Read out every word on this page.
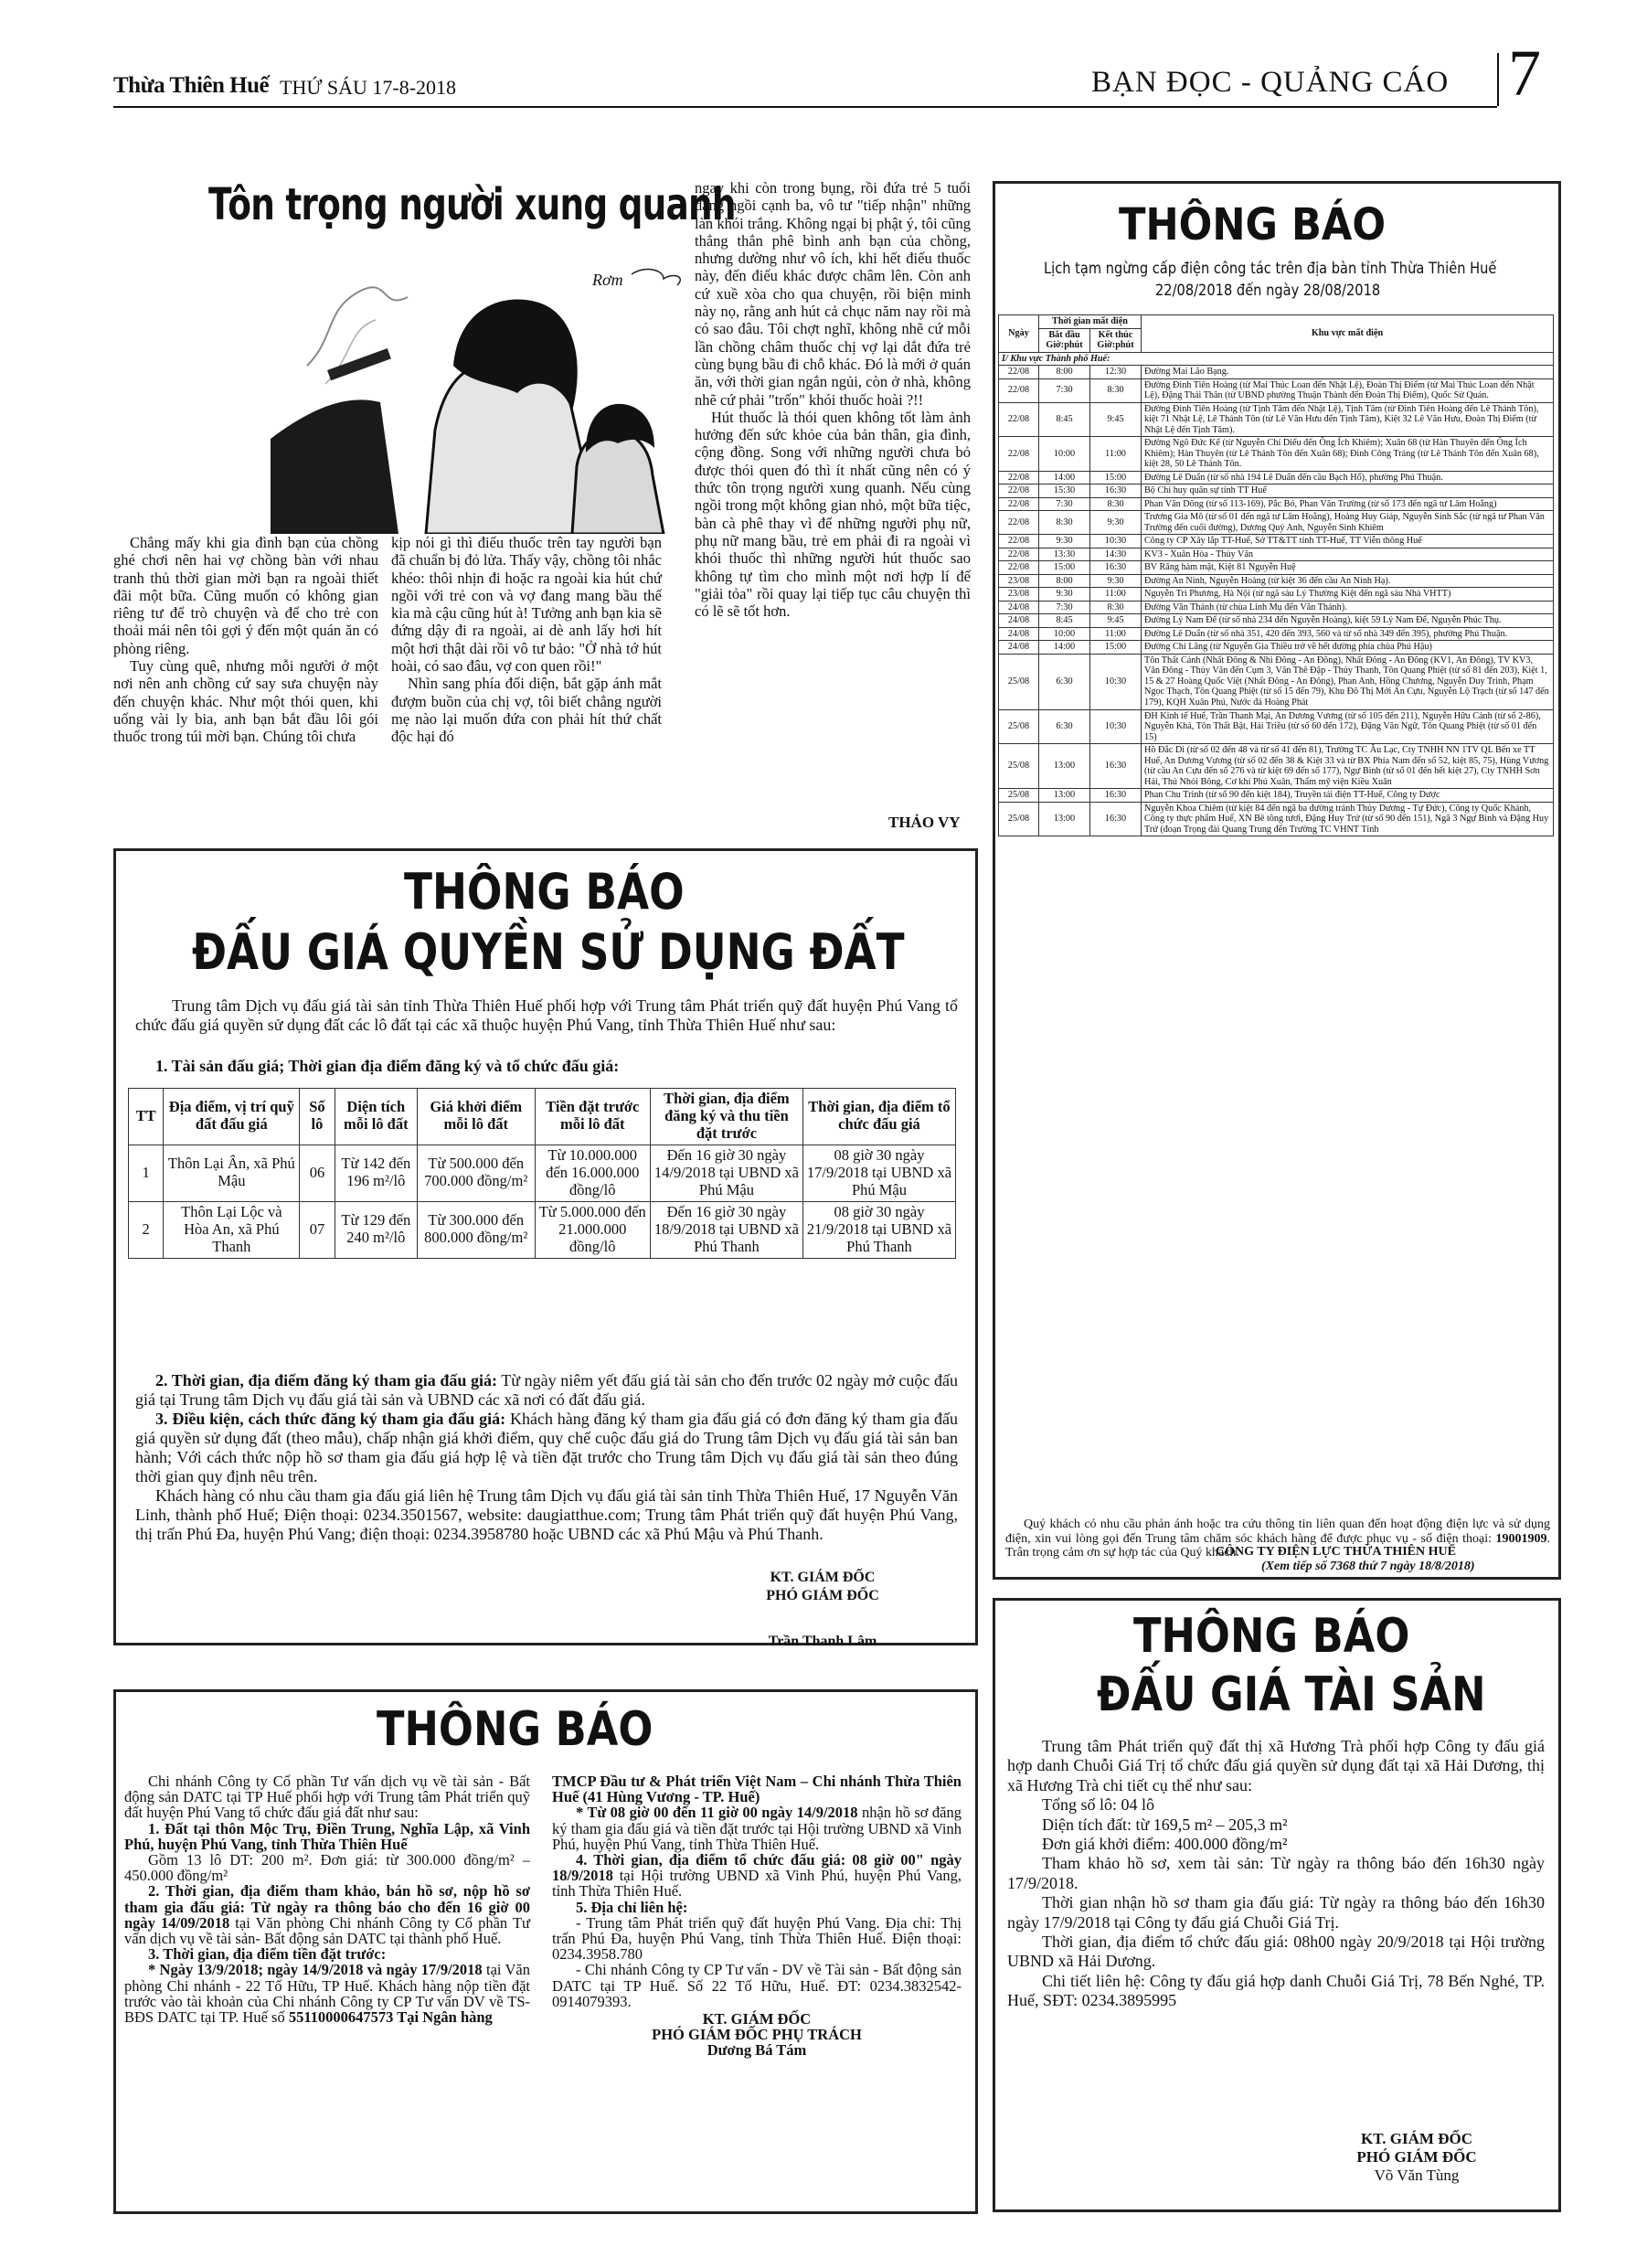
Thừa Thiên Huế THỨ SÁU 17-8-2018	BẠN ĐỌC - QUẢNG CÁO 7
Tôn trọng người xung quanh
Rơm

Chẳng mấy khi gia đình bạn của chồng ghé chơi nên hai vợ chồng bàn với nhau tranh thủ thời gian mời bạn ra ngoài thiết đãi một bữa. Cũng muốn có không gian riêng tư để trò chuyện và để cho trẻ con thoải mái nên tôi gợi ý đến một quán ăn có phòng riêng.

Tuy cùng quê, nhưng mỗi người ở một nơi nên anh chồng cứ say sưa chuyện này đến chuyện khác. Như một thói quen, khi uống vài ly bia, anh bạn bắt đầu lôi gói thuốc trong túi mời bạn. Chúng tôi chưa

kịp nói gì thì điếu thuốc trên tay người bạn đã chuẩn bị đỏ lửa. Thấy vậy, chồng tôi nhắc khéo: thôi nhịn đi hoặc ra ngoài kia hút chứ ngồi với trẻ con và vợ đang mang bầu thế kia mà cậu cũng hút à! Tưởng anh bạn kia sẽ đứng dậy đi ra ngoài, ai dè anh lấy hơi hít một hơi thật dài rồi vô tư bảo: "Ở nhà tớ hút hoài, có sao đâu, vợ con quen rồi!"

Nhìn sang phía đối diện, bắt gặp ánh mắt đượm buồn của chị vợ, tôi biết chẳng người mẹ nào lại muốn đứa con phải hít thứ chất độc hại đó

ngay khi còn trong bụng, rồi đứa trẻ 5 tuổi đang ngồi cạnh ba, vô tư "tiếp nhận" những làn khói trắng. Không ngại bị phật ý, tôi cũng thẳng thắn phê bình anh bạn của chồng, nhưng dường như vô ích, khi hết điếu thuốc này, đến điếu khác được châm lên. Còn anh cứ xuề xòa cho qua chuyện, rồi biện minh này nọ, rằng anh hút cả chục năm nay rồi mà có sao đâu. Tôi chợt nghĩ, không nhẽ cứ mỗi lần chồng châm thuốc chị vợ lại dắt đứa trẻ cùng bụng bầu đi chỗ khác. Đó là mới ở quán ăn, với thời gian ngắn ngủi, còn ở nhà, không nhẽ cứ phải "trốn" khói thuốc hoài ?!!

Hút thuốc là thói quen không tốt làm ảnh hưởng đến sức khỏe của bản thân, gia đình, cộng đồng. Song với những người chưa bỏ được thói quen đó thì ít nhất cũng nên có ý thức tôn trọng người xung quanh. Nếu cùng ngồi trong một không gian nhỏ, một bữa tiệc, bàn cà phê thay vì để những người phụ nữ, phụ nữ mang bầu, trẻ em phải đi ra ngoài vì khói thuốc thì những người hút thuốc sao không tự tìm cho mình một nơi hợp lí để "giải tỏa" rồi quay lại tiếp tục câu chuyện thì có lẽ sẽ tốt hơn.

THẢO VY
THÔNG BÁO
ĐẤU GIÁ QUYỀN SỬ DỤNG ĐẤT
Trung tâm Dịch vụ đấu giá tài sản tỉnh Thừa Thiên Huế phối hợp với Trung tâm Phát triển quỹ đất huyện Phú Vang tổ chức đấu giá quyền sử dụng đất các lô đất tại các xã thuộc huyện Phú Vang, tỉnh Thừa Thiên Huế như sau:
1. Tài sản đấu giá; Thời gian địa điểm đăng ký và tổ chức đấu giá:
TT	Địa điểm, vị trí quỹ đất đấu giá	Số lô	Diện tích mỗi lô đất	Giá khởi điểm mỗi lô đất	Tiền đặt trước mỗi lô đất	Thời gian, địa điểm đăng ký và thu tiền đặt trước	Thời gian, địa điểm tổ chức đấu giá
1	Thôn Lại Ân, xã Phú Mậu	06	Từ 142 đến 196 m²/lô	Từ 500.000 đến 700.000 đồng/m²	Từ 10.000.000 đến 16.000.000 đồng/lô	Đến 16 giờ 30 ngày 14/9/2018 tại UBND xã Phú Mậu	08 giờ 30 ngày 17/9/2018 tại UBND xã Phú Mậu
2	Thôn Lại Lộc và Hòa An, xã Phú Thanh	07	Từ 129 đến 240 m²/lô	Từ 300.000 đến 800.000 đồng/m²	Từ 5.000.000 đến 21.000.000 đồng/lô	Đến 16 giờ 30 ngày 18/9/2018 tại UBND xã Phú Thanh	08 giờ 30 ngày 21/9/2018 tại UBND xã Phú Thanh

2. Thời gian, địa điểm đăng ký tham gia đấu giá: Từ ngày niêm yết đấu giá tài sản cho đến trước 02 ngày mở cuộc đấu giá tại Trung tâm Dịch vụ đấu giá tài sản và UBND các xã nơi có đất đấu giá.

3. Điều kiện, cách thức đăng ký tham gia đấu giá: Khách hàng đăng ký tham gia đấu giá có đơn đăng ký tham gia đấu giá quyền sử dụng đất (theo mẫu), chấp nhận giá khởi điểm, quy chế cuộc đấu giá do Trung tâm Dịch vụ đấu giá tài sản ban hành; Với cách thức nộp hồ sơ tham gia đấu giá hợp lệ và tiền đặt trước cho Trung tâm Dịch vụ đấu giá tài sản theo đúng thời gian quy định nêu trên.

Khách hàng có nhu cầu tham gia đấu giá liên hệ Trung tâm Dịch vụ đấu giá tài sản tỉnh Thừa Thiên Huế, 17 Nguyễn Văn Linh, thành phố Huế; Điện thoại: 0234.3501567, website: daugiatthue.com; Trung tâm Phát triển quỹ đất huyện Phú Vang, thị trấn Phú Đa, huyện Phú Vang; điện thoại: 0234.3958780 hoặc UBND các xã Phú Mậu và Phú Thanh.

KT. GIÁM ĐỐC

PHÓ GIÁM ĐỐC

Trần Thanh Lâm

THÔNG BÁO

Chi nhánh Công ty Cổ phần Tư vấn dịch vụ về tài sản - Bất động sản DATC tại TP Huế phối hợp với Trung tâm Phát triển quỹ đất huyện Phú Vang tổ chức đấu giá đất như sau:

1. Đất tại thôn Mộc Trụ, Điền Trung, Nghĩa Lập, xã Vinh Phú, huyện Phú Vang, tỉnh Thừa Thiên Huế

Gồm 13 lô DT: 200 m². Đơn giá: từ 300.000 đồng/m² – 450.000 đồng/m²

2. Thời gian, địa điểm tham khảo, bán hồ sơ, nộp hồ sơ tham gia đấu giá: Từ ngày ra thông báo cho đến 16 giờ 00 ngày 14/09/2018 tại Văn phòng Chi nhánh Công ty Cổ phần Tư vấn dịch vụ về tài sản- Bất động sản DATC tại thành phố Huế.

3. Thời gian, địa điểm tiền đặt trước:

* Ngày 13/9/2018; ngày 14/9/2018 và ngày 17/9/2018 tại Văn phòng Chi nhánh - 22 Tố Hữu, TP Huế. Khách hàng nộp tiền đặt trước vào tài khoản của Chi nhánh Công ty CP Tư vấn DV về TS-BĐS DATC tại TP. Huế số 55110000647573 Tại Ngân hàng

TMCP Đầu tư & Phát triển Việt Nam – Chi nhánh Thừa Thiên Huế (41 Hùng Vương - TP. Huế)

* Từ 08 giờ 00 đến 11 giờ 00 ngày 14/9/2018 nhận hồ sơ đăng ký tham gia đấu giá và tiền đặt trước tại Hội trường UBND xã Vinh Phú, huyện Phú Vang, tỉnh Thừa Thiên Huế.

4. Thời gian, địa điểm tổ chức đấu giá: 08 giờ 00" ngày 18/9/2018 tại Hội trường UBND xã Vinh Phú, huyện Phú Vang, tỉnh Thừa Thiên Huế.

5. Địa chỉ liên hệ:

- Trung tâm Phát triển quỹ đất huyện Phú Vang. Địa chỉ: Thị trấn Phú Đa, huyện Phú Vang, tỉnh Thừa Thiên Huế. Điện thoại: 0234.3958.780

- Chi nhánh Công ty CP Tư vấn - DV về Tài sản - Bất động sản DATC tại TP Huế. Số 22 Tố Hữu, Huế. ĐT: 0234.3832542- 0914079393.

KT. GIÁM ĐỐC

PHÓ GIÁM ĐỐC PHỤ TRÁCH

Dương Bá Tám

THÔNG BÁO
Lịch tạm ngừng cấp điện công tác trên địa bàn tỉnh Thừa Thiên Huế
22/08/2018 đến ngày 28/08/2018
Ngày	Thời gian mất điện		Khu vực mất điện
	Bắt đầu Giờ:phút	Kết thúc Giờ:phút	
I/ Khu vực Thành phố Huế:			
22/08	8:00	12:30	Đường Mai Lão Bạng.
22/08	7:30	8:30	Đường Đinh Tiên Hoàng (từ Mai Thúc Loan đến Nhật Lệ), Đoàn Thị Điểm (từ Mai Thúc Loan đến Nhật Lệ), Đặng Thái Thân (từ UBND phường Thuận Thành đến Đoàn Thị Điểm), Quốc Sử Quán.
22/08	8:45	9:45	Đường Đinh Tiên Hoàng (từ Tịnh Tâm đến Nhật Lệ), Tịnh Tâm (từ Đinh Tiên Hoàng đến Lê Thánh Tôn), kiệt 71 Nhật Lệ, Lê Thánh Tôn (từ Lê Văn Hưu đến Tịnh Tâm), Kiệt 32 Lê Văn Hưu, Đoàn Thị Điểm (từ Nhật Lệ đến Tịnh Tâm).
22/08	10:00	11:00	Đường Ngô Đức Kế (từ Nguyễn Chí Diểu đến Ông Ích Khiêm); Xuân 68 (từ Hàn Thuyên đến Ông Ích Khiêm); Hàn Thuyên (từ Lê Thánh Tôn đến Xuân 68); Đinh Công Tráng (từ Lê Thánh Tôn đến Xuân 68), kiệt 28, 50 Lê Thánh Tôn.
22/08	14:00	15:00	Đường Lê Duẩn (từ số nhà 194 Lê Duẩn đến cầu Bạch Hổ), phường Phú Thuận.
22/08	15:30	16:30	Bộ Chỉ huy quân sự tỉnh TT Huế
22/08	7:30	8:30	Phan Văn Dõng (từ số 113-169), Pắc Bó, Phan Văn Trường (từ số 173 đến ngã tư Lâm Hoằng)
22/08	8:30	9:30	Trương Gia Mô (từ số 01 đến ngã tư Lâm Hoằng), Hoàng Huy Giáp, Nguyễn Sinh Sắc (từ ngã tư Phan Văn Trường đến cuối đường), Dương Quý Anh, Nguyễn Sinh Khiêm
22/08	9:30	10:30	Công ty CP Xây lắp TT-Huế, Sở TT&TT tỉnh TT-Huế, TT Viễn thông Huế
22/08	13:30	14:30	KV3 - Xuân Hòa - Thủy Vân
22/08	15:00	16:30	BV Răng hàm mặt, Kiệt 81 Nguyễn Huệ
23/08	8:00	9:30	Đường An Ninh, Nguyễn Hoàng (từ kiệt 36 đến cầu An Ninh Hạ).
23/08	9:30	11:00	Nguyễn Tri Phương, Hà Nội (từ ngã sáu Lý Thường Kiệt đến ngã sáu Nhà VHTT)
24/08	7:30	8:30	Đường Văn Thánh (từ chùa Linh Mụ đến Văn Thánh).
24/08	8:45	9:45	Đường Lý Nam Đế (từ số nhà 234 đến Nguyễn Hoàng), kiệt 59 Lý Nam Đế, Nguyễn Phúc Thụ.
24/08	10:00	11:00	Đường Lê Duẩn (từ số nhà 351, 420 đến 393, 560 và từ số nhà 349 đến 395), phường Phú Thuận.
24/08	14:00	15:00	Đường Chi Lăng (từ Nguyễn Gia Thiều trở về hết đường phía chùa Phú Hậu)
25/08	6:30	10:30	Tôn Thất Cảnh (Nhất Đông & Nhì Đông - An Đông), Nhất Đông - An Đông (KV1, An Đông), TV KV3, Văn Đông - Thủy Vân đến Cụm 3, Văn Thê Đập - Thủy Thanh, Tôn Quang Phiệt (từ số 81 đến 203), Kiệt 1, 15 & 27 Hoàng Quốc Việt (Nhất Đông - An Đông), Phan Anh, Hồng Chương, Nguyễn Duy Trinh, Phạm Ngọc Thạch, Tôn Quang Phiệt (từ số 15 đến 79), Khu Đô Thị Mới An Cựu, Nguyễn Lộ Trạch (từ số 147 đến 179), KQH Xuân Phú, Nước đá Hoàng Phát
25/08	6:30	10:30	ĐH Kinh tế Huế, Trần Thanh Mại, An Dương Vương (từ số 105 đến 211), Nguyễn Hữu Cảnh (từ số 2-86), Nguyễn Khả, Tôn Thất Bật, Hải Triều (từ số 60 đến 172), Đặng Văn Ngữ, Tôn Quang Phiệt (từ số 01 đến 15)
25/08	13:00	16:30	Hồ Đắc Di (từ số 02 đến 48 và từ số 41 đến 81), Trường TC Âu Lạc, Cty TNHH NN 1TV QL Bến xe TT Huế, An Dương Vương (từ số 02 đến 38 & Kiệt 33 và từ BX Phía Nam đến số 52, kiệt 85, 75), Hùng Vương (từ cầu An Cựu đến số 276 và từ kiệt 69 đến số 177), Ngự Bình (từ số 01 đến hết kiệt 27), Cty TNHH Sơn Hải, Thủ Nhỏi Bông, Cơ khí Phú Xuân, Thẩm mỹ viện Kiều Xuân
25/08	13:00	16:30	Phan Chu Trinh (từ số 90 đến kiệt 184), Truyền tải điện TT-Huế, Công ty Dược
25/08	13:00	16:30	Nguyễn Khoa Chiêm (từ kiệt 84 đến ngã ba đường tránh Thủy Dương - Tự Đức), Công ty Quốc Khánh, Công ty thực phẩm Huế, XN Bê tông tươi, Đặng Huy Trứ (từ số 90 đến 151), Ngã 3 Ngự Bình và Đặng Huy Trứ (đoạn Trọng đài Quang Trung đến Trường TC VHNT Tỉnh
Quý khách có nhu cầu phản ánh hoặc tra cứu thông tin liên quan đến hoạt động điện lực và sử dụng điện, xin vui lòng gọi đến Trung tâm chăm sóc khách hàng để được phục vụ - số điện thoại: 19001909. Trân trọng cảm ơn sự hợp tác của Quý khách.
CÔNG TY ĐIỆN LỰC THỪA THIÊN HUẾ
(Xem tiếp số 7368 thứ 7 ngày 18/8/2018)
THÔNG BÁO
ĐẤU GIÁ TÀI SẢN

Trung tâm Phát triển quỹ đất thị xã Hương Trà phối hợp Công ty đấu giá hợp danh Chuỗi Giá Trị tổ chức đấu giá quyền sử dụng đất tại xã Hải Dương, thị xã Hương Trà chi tiết cụ thể như sau:

Tổng số lô: 04 lô

Diện tích đất: từ 169,5 m² – 205,3 m²

Đơn giá khởi điểm: 400.000 đồng/m²

Tham khảo hồ sơ, xem tài sản: Từ ngày ra thông báo đến 16h30 ngày 17/9/2018.

Thời gian nhận hồ sơ tham gia đấu giá: Từ ngày ra thông báo đến 16h30 ngày 17/9/2018 tại Công ty đấu giá Chuỗi Giá Trị.

Thời gian, địa điểm tổ chức đấu giá: 08h00 ngày 20/9/2018 tại Hội trường UBND xã Hải Dương.

Chi tiết liên hệ: Công ty đấu giá hợp danh Chuỗi Giá Trị, 78 Bến Nghé, TP. Huế, SĐT: 0234.3895995

KT. GIÁM ĐỐC

PHÓ GIÁM ĐỐC

Võ Văn Tùng
